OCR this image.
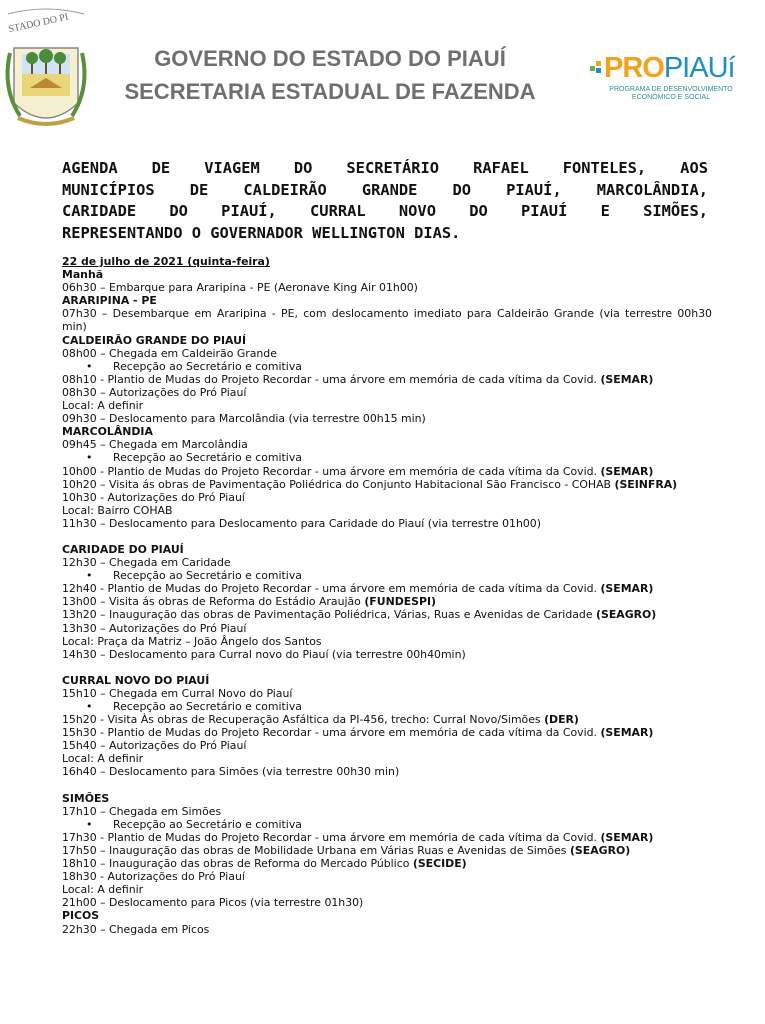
STADO DO PI
GOVERNO DO ESTADO DO PIAUÍ
SECRETARIA ESTADUAL DE FAZENDA
PROPIAUí
PROGRAMA DE DESENVOLVIMENTO
ECONÔMICO E SOCIAL
AGENDA DE VIAGEM DO SECRETÁRIO RAFAEL FONTELES, AOS
MUNICÍPIOS DE CALDEIRÃO GRANDE DO PIAUÍ, MARCOLÂNDIA,
CARIDADE DO PIAUÍ, CURRAL NOVO DO PIAUÍ E SIMÕES,
REPRESENTANDO O GOVERNADOR WELLINGTON DIAS.
22 de julho de 2021 (quinta-feira)
Manhã
06h30 – Embarque para Araripina - PE (Aeronave King Air 01h00)
ARARIPINA - PE
07h30 – Desembarque em Araripina - PE, com deslocamento imediato para Caldeirão Grande (via terrestre 00h30 min)
CALDEIRÃO GRANDE DO PIAUÍ
08h00 – Chegada em Caldeirão Grande
• Recepção ao Secretário e comitiva
08h10 - Plantio de Mudas do Projeto Recordar - uma árvore em memória de cada vítima da Covid. (SEMAR)
08h30 – Autorizações do Pró Piauí
Local: A definir
09h30 – Deslocamento para Marcolândia (via terrestre 00h15 min)
MARCOLÂNDIA
09h45 – Chegada em Marcolândia
• Recepção ao Secretário e comitiva
10h00 - Plantio de Mudas do Projeto Recordar - uma árvore em memória de cada vítima da Covid. (SEMAR)
10h20 – Visita ás obras de Pavimentação Poliédrica do Conjunto Habitacional São Francisco - COHAB (SEINFRA)
10h30 - Autorizações do Pró Piauí
Local: Bairro COHAB
11h30 – Deslocamento para Deslocamento para Caridade do Piauí (via terrestre 01h00)
CARIDADE DO PIAUÍ
12h30 – Chegada em Caridade
• Recepção ao Secretário e comitiva
12h40 - Plantio de Mudas do Projeto Recordar - uma árvore em memória de cada vítima da Covid. (SEMAR)
13h00 – Visita ás obras de Reforma do Estádio Araujão (FUNDESPI)
13h20 – Inauguração das obras de Pavimentação Poliédrica, Várias, Ruas e Avenidas de Caridade (SEAGRO)
13h30 – Autorizações do Pró Piauí
Local: Praça da Matriz – João Ângelo dos Santos
14h30 – Deslocamento para Curral novo do Piauí (via terrestre 00h40min)
CURRAL NOVO DO PIAUÍ
15h10 – Chegada em Curral Novo do Piauí
• Recepção ao Secretário e comitiva
15h20 - Visita Às obras de Recuperação Asfáltica da PI-456, trecho: Curral Novo/Simões (DER)
15h30 - Plantio de Mudas do Projeto Recordar - uma árvore em memória de cada vítima da Covid. (SEMAR)
15h40 – Autorizações do Pró Piauí
Local: A definir
16h40 – Deslocamento para Simões (via terrestre 00h30 min)
SIMÕES
17h10 – Chegada em Simões
• Recepção ao Secretário e comitiva
17h30 - Plantio de Mudas do Projeto Recordar - uma árvore em memória de cada vítima da Covid. (SEMAR)
17h50 – Inauguração das obras de Mobilidade Urbana em Várias Ruas e Avenidas de Simões (SEAGRO)
18h10 – Inauguração das obras de Reforma do Mercado Público (SECIDE)
18h30 - Autorizações do Pró Piauí
Local: A definir
21h00 – Deslocamento para Picos (via terrestre 01h30)
PICOS
22h30 – Chegada em Picos
